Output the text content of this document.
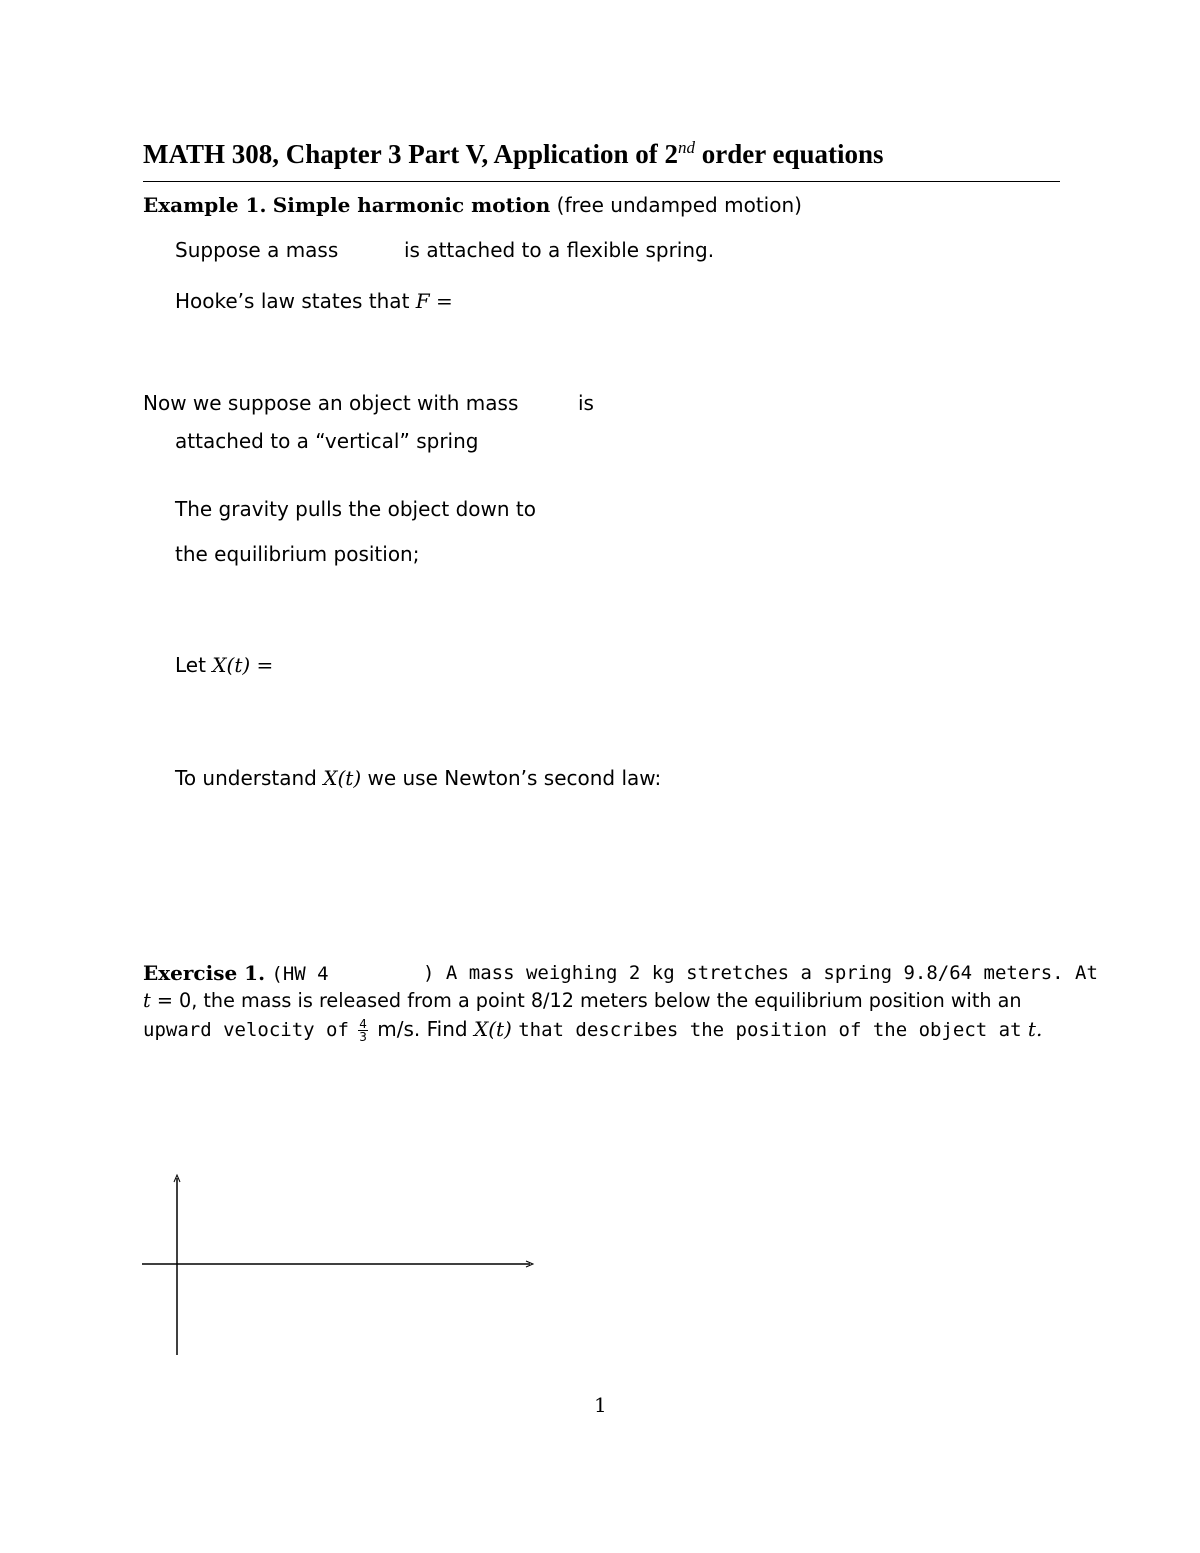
MATH 308, Chapter 3 Part V, Application of 2nd order equations
Example 1. Simple harmonic motion (free undamped motion)
Suppose a mass	is attached to a flexible spring.
Hooke’s law states that F =
Now we suppose an object with mass	is
attached to a “vertical” spring
The gravity pulls the object down to
the equilibrium position;
Let X(t) =
To understand X(t) we use Newton’s second law:
Exercise 1. (HW 4	) A mass weighing 2 kg stretches a spring 9.8/64 meters. At
t = 0, the mass is released from a point 8/12 meters below the equilibrium position with an
upward velocity of $\frac{4}{3} m/s$. Find X(t) that describes the position of the object at t.
1
